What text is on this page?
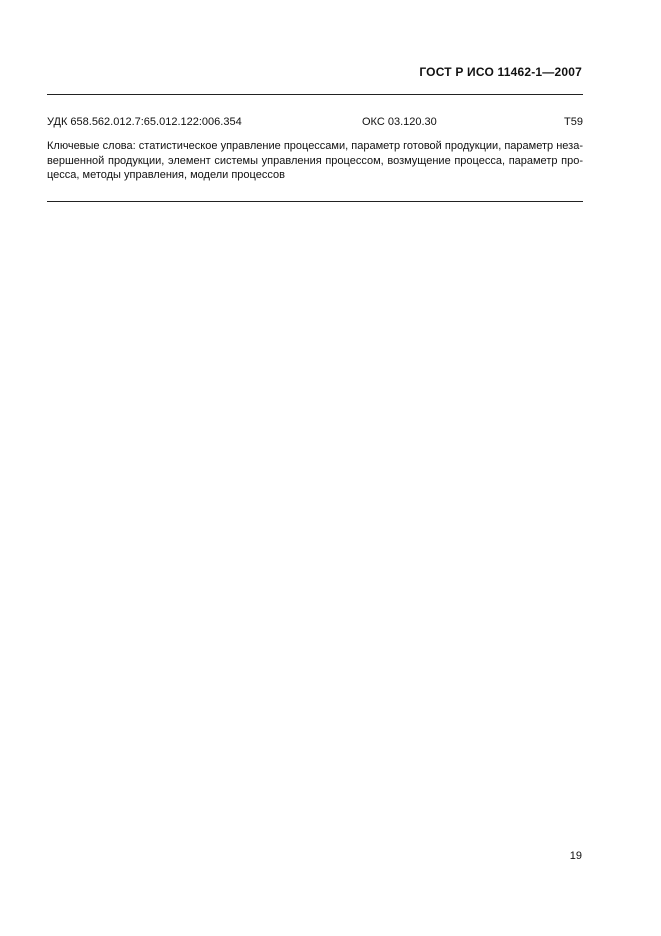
ГОСТ Р ИСО 11462-1—2007
УДК 658.562.012.7:65.012.122:006.354	ОКС 03.120.30	Т59
Ключевые слова: статистическое управление процессами, параметр готовой продукции, параметр неза-
вершенной продукции, элемент системы управления процессом, возмущение процесса, параметр про-
цесса, методы управления, модели процессов
19
